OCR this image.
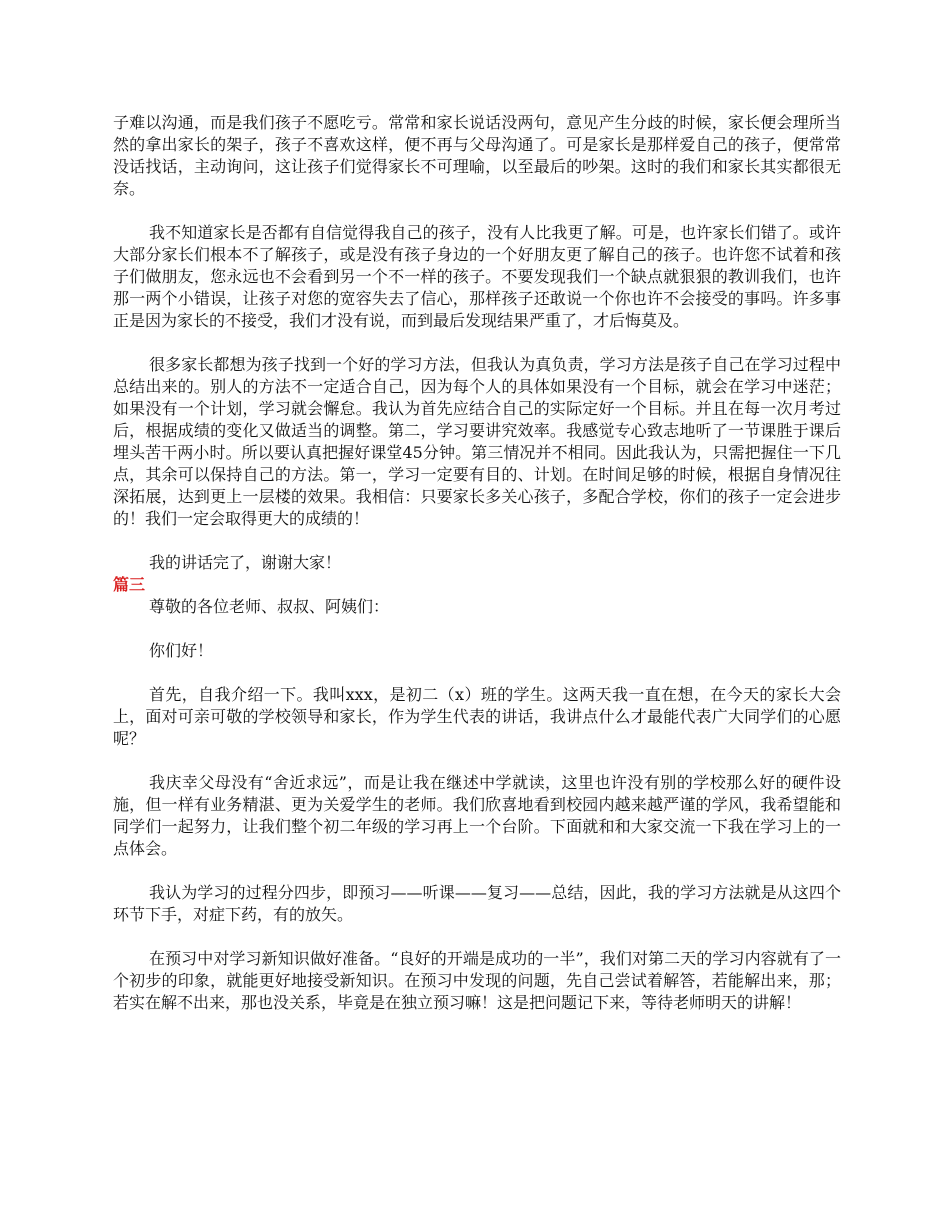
子难以沟通，而是我们孩子不愿吃亏。常常和家长说话没两句，意见产生分歧的时候，家长便会理所当然的拿出家长的架子，孩子不喜欢这样，便不再与父母沟通了。可是家长是那样爱自己的孩子，便常常没话找话，主动询问，这让孩子们觉得家长不可理喻，以至最后的吵架。这时的我们和家长其实都很无奈。

我不知道家长是否都有自信觉得我自己的孩子，没有人比我更了解。可是，也许家长们错了。或许大部分家长们根本不了解孩子，或是没有孩子身边的一个好朋友更了解自己的孩子。也许您不试着和孩子们做朋友，您永远也不会看到另一个不一样的孩子。不要发现我们一个缺点就狠狠的教训我们，也许那一两个小错误，让孩子对您的宽容失去了信心，那样孩子还敢说一个你也许不会接受的事吗。许多事正是因为家长的不接受，我们才没有说，而到最后发现结果严重了，才后悔莫及。

很多家长都想为孩子找到一个好的学习方法，但我认为真负责，学习方法是孩子自己在学习过程中总结出来的。别人的方法不一定适合自己，因为每个人的具体如果没有一个目标，就会在学习中迷茫；如果没有一个计划，学习就会懈怠。我认为首先应结合自己的实际定好一个目标。并且在每一次月考过后，根据成绩的变化又做适当的调整。第二，学习要讲究效率。我感觉专心致志地听了一节课胜于课后埋头苦干两小时。所以要认真把握好课堂45分钟。第三情况并不相同。因此我认为，只需把握住一下几点，其余可以保持自己的方法。第一，学习一定要有目的、计划。在时间足够的时候，根据自身情况往深拓展，达到更上一层楼的效果。我相信：只要家长多关心孩子，多配合学校，你们的孩子一定会进步的！我们一定会取得更大的成绩的！

我的讲话完了，谢谢大家！

篇三

尊敬的各位老师、叔叔、阿姨们：

你们好！

首先，自我介绍一下。我叫xxx，是初二（x）班的学生。这两天我一直在想，在今天的家长大会上，面对可亲可敬的学校领导和家长，作为学生代表的讲话，我讲点什么才最能代表广大同学们的心愿呢？

我庆幸父母没有“舍近求远”，而是让我在继述中学就读，这里也许没有别的学校那么好的硬件设施，但一样有业务精湛、更为关爱学生的老师。我们欣喜地看到校园内越来越严谨的学风，我希望能和同学们一起努力，让我们整个初二年级的学习再上一个台阶。下面就和和大家交流一下我在学习上的一点体会。

我认为学习的过程分四步，即预习——听课——复习——总结，因此，我的学习方法就是从这四个环节下手，对症下药，有的放矢。

在预习中对学习新知识做好准备。“良好的开端是成功的一半”，我们对第二天的学习内容就有了一个初步的印象，就能更好地接受新知识。在预习中发现的问题，先自己尝试着解答，若能解出来，那；若实在解不出来，那也没关系，毕竟是在独立预习嘛！这是把问题记下来，等待老师明天的讲解！
